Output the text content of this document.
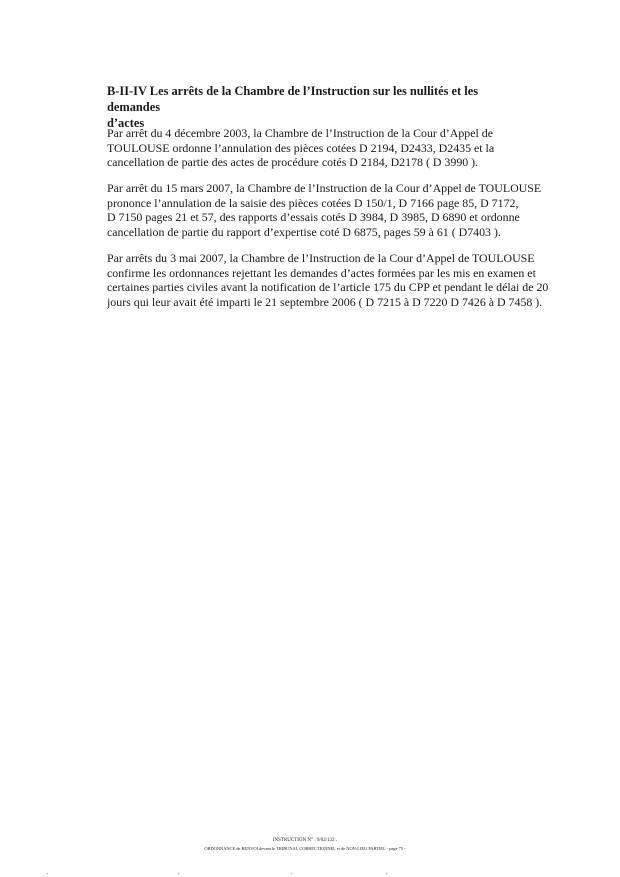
B-II-IV Les arrêts de la Chambre de l’Instruction sur les nullités et les demandes
d’actes

Par arrêt du 4 décembre 2003, la Chambre de l’Instruction de la Cour d’Appel de
TOULOUSE ordonne l’annulation des pièces cotées D 2194, D2433, D2435 et la
cancellation de partie des actes de procédure cotés D 2184, D2178 ( D 3990 ).

Par arrêt du 15 mars 2007, la Chambre de l’Instruction de la Cour d’Appel de TOULOUSE
prononce l’annulation de la saisie des pièces cotées D 150/1, D 7166 page 85, D 7172,
D 7150 pages 21 et 57, des rapports d’essais cotés D 3984, D 3985, D 6890 et ordonne
cancellation de partie du rapport d’expertise coté D 6875, pages 59 à 61 ( D7403 ).

Par arrêts du 3 mai 2007, la Chambre de l’Instruction de la Cour d’Appel de TOULOUSE
confirme les ordonnances rejettant les demandes d’actes formées par les mis en examen et
certaines parties civiles avant la notification de l’article 175 du CPP et pendant le délai de 20
jours qui leur avait été imparti le 21 septembre 2006 ( D 7215 à D 7220 D 7426 à D 7458 ).

INSTRUCTION N° : 9/02/132 .
ORDONNANCE de RENVOI devant le TRIBUNAL CORRECTIONNEL et de NON-LIEU PARTIEL - page 75 -
